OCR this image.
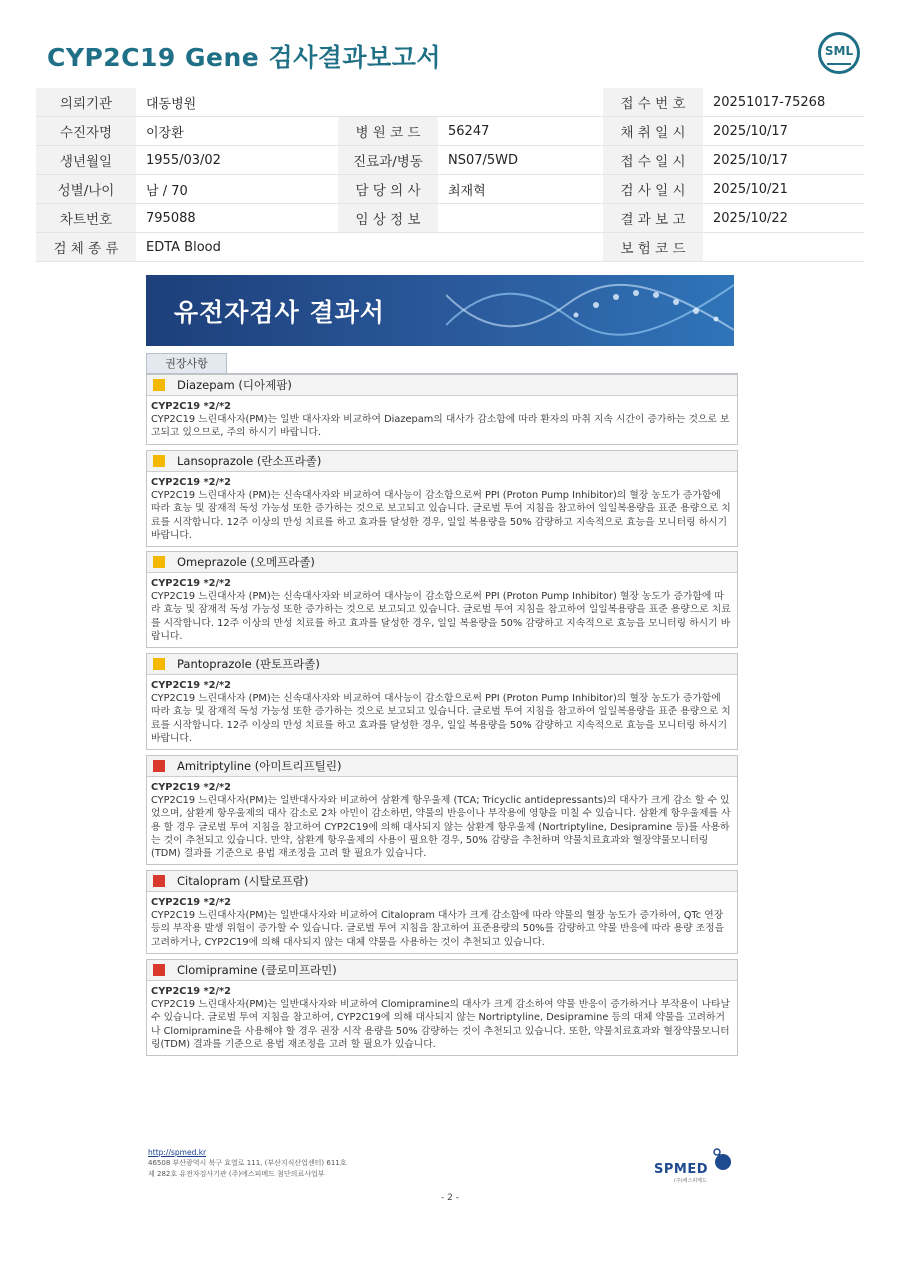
CYP2C19 Gene 검사결과보고서	SML
의뢰기관	대동병원			접 수 번 호	20251017-75268
수진자명	이장환	병 원 코 드	56247	채 취 일 시	2025/10/17
생년월일	1955/03/02	진료과/병동	NS07/5WD	접 수 일 시	2025/10/17
성별/나이	남 / 70	담 당 의 사	최재혁	검 사 일 시	2025/10/21
차트번호	795088	임 상 정 보		결 과 보 고	2025/10/22
검 체 종 류	EDTA Blood			보 험 코 드	
유전자검사 결과서
권장사항
Diazepam (디아제팜)
CYP2C19 *2/*2
CYP2C19 느린대사자(PM)는 일반 대사자와 비교하여 Diazepam의 대사가 감소함에 따라 환자의 마취 지속 시간이 증가하는 것으로 보고되고 있으므로, 주의 하시기 바랍니다.
Lansoprazole (란소프라졸)
CYP2C19 *2/*2
CYP2C19 느린대사자 (PM)는 신속대사자와 비교하여 대사능이 감소함으로써 PPI (Proton Pump Inhibitor)의 혈장 농도가 증가함에 따라 효능 및 잠재적 독성 가능성 또한 증가하는 것으로 보고되고 있습니다. 글로벌 투여 지침을 참고하여 일일복용량을 표준 용량으로 치료를 시작합니다. 12주 이상의 만성 치료를 하고 효과를 달성한 경우, 일일 복용량을 50% 감량하고 지속적으로 효능을 모니터링 하시기 바랍니다.
Omeprazole (오메프라졸)
CYP2C19 *2/*2
CYP2C19 느린대사자 (PM)는 신속대사자와 비교하여 대사능이 감소함으로써 PPI (Proton Pump Inhibitor) 혈장 농도가 증가함에 따라 효능 및 잠재적 독성 가능성 또한 증가하는 것으로 보고되고 있습니다. 글로벌 투여 지침을 참고하여 일일복용량을 표준 용량으로 치료를 시작합니다. 12주 이상의 만성 치료를 하고 효과를 달성한 경우, 일일 복용량을 50% 감량하고 지속적으로 효능을 모니터링 하시기 바랍니다.
Pantoprazole (판토프라졸)
CYP2C19 *2/*2
CYP2C19 느린대사자 (PM)는 신속대사자와 비교하여 대사능이 감소함으로써 PPI (Proton Pump Inhibitor)의 혈장 농도가 증가함에 따라 효능 및 잠재적 독성 가능성 또한 증가하는 것으로 보고되고 있습니다. 글로벌 투여 지침을 참고하여 일일복용량을 표준 용량으로 치료를 시작합니다. 12주 이상의 만성 치료를 하고 효과를 달성한 경우, 일일 복용량을 50% 감량하고 지속적으로 효능을 모니터링 하시기 바랍니다.
Amitriptyline (아미트리프틸린)
CYP2C19 *2/*2
CYP2C19 느린대사자(PM)는 일반대사자와 비교하여 삼환계 항우울제 (TCA; Tricyclic antidepressants)의 대사가 크게 감소 할 수 있었으며, 삼환계 항우울제의 대사 감소로 2차 아민이 감소하면, 약물의 반응이나 부작용에 영향을 미칠 수 있습니다. 삼환계 항우울제를 사용 할 경우 글로벌 투여 지침을 참고하여 CYP2C19에 의해 대사되지 않는 삼환계 항우울제 (Nortriptyline, Desipramine 등)를 사용하는 것이 추천되고 있습니다. 만약, 삼환계 항우울제의 사용이 필요한 경우, 50% 감량을 추천하며 약물치료효과와 혈장약물모니터링(TDM) 결과를 기준으로 용법 재조정을 고려 할 필요가 있습니다.
Citalopram (시탈로프람)
CYP2C19 *2/*2
CYP2C19 느린대사자(PM)는 일반대사자와 비교하여 Citalopram 대사가 크게 감소함에 따라 약물의 혈장 농도가 증가하여, QTc 연장 등의 부작용 발생 위험이 증가할 수 있습니다. 글로벌 투여 지침을 참고하여 표준용량의 50%를 감량하고 약물 반응에 따라 용량 조정을 고려하거나, CYP2C19에 의해 대사되지 않는 대체 약물을 사용하는 것이 추천되고 있습니다.
Clomipramine (클로미프라민)
CYP2C19 *2/*2
CYP2C19 느린대사자(PM)는 일반대사자와 비교하여 Clomipramine의 대사가 크게 감소하여 약물 반응이 증가하거나 부작용이 나타날 수 있습니다. 글로벌 투여 지침을 참고하여, CYP2C19에 의해 대사되지 않는 Nortriptyline, Desipramine 등의 대체 약물을 고려하거나 Clomipramine을 사용해야 할 경우 권장 시작 용량을 50% 감량하는 것이 추천되고 있습니다. 또한, 약물치료효과와 혈장약물모니터링(TDM) 결과를 기준으로 용법 재조정을 고려 할 필요가 있습니다.
http://spmed.kr
46508 부산광역시 북구 효열로 111, (부산지식산업센터) 611호
제 282호 유전자검사기관 (주)에스피메드 첨단의료사업부	SPMED
(주)에스피메드
- 2 -
